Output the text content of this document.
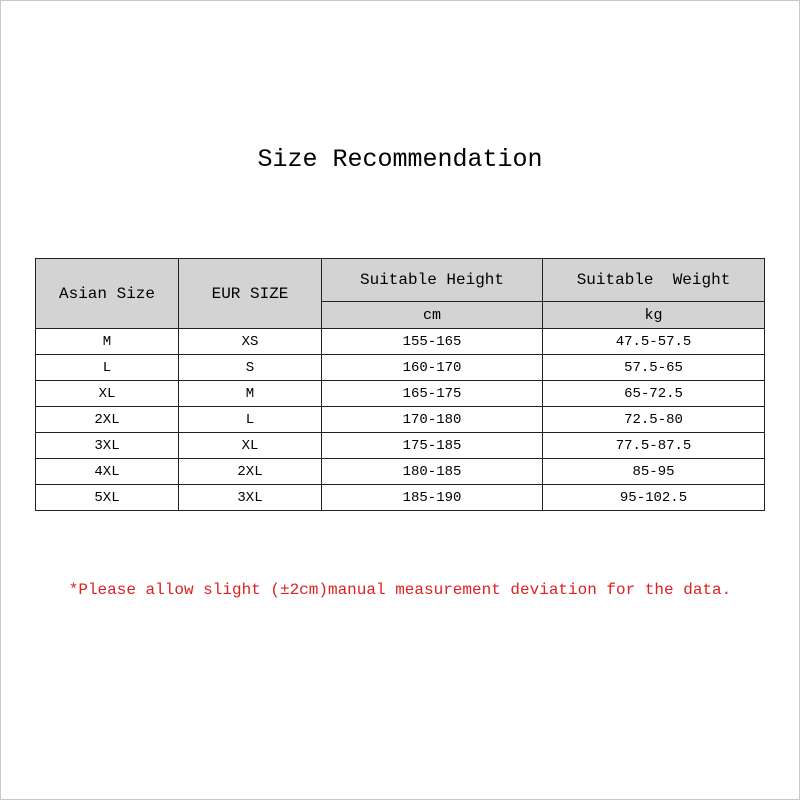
Size Recommendation
Asian Size	EUR SIZE	Suitable Height	Suitable  Weight
		cm	kg
M	XS	155-165	47.5-57.5
L	S	160-170	57.5-65
XL	M	165-175	65-72.5
2XL	L	170-180	72.5-80
3XL	XL	175-185	77.5-87.5
4XL	2XL	180-185	85-95
5XL	3XL	185-190	95-102.5
*Please allow slight (±2cm)manual measurement deviation for the data.
